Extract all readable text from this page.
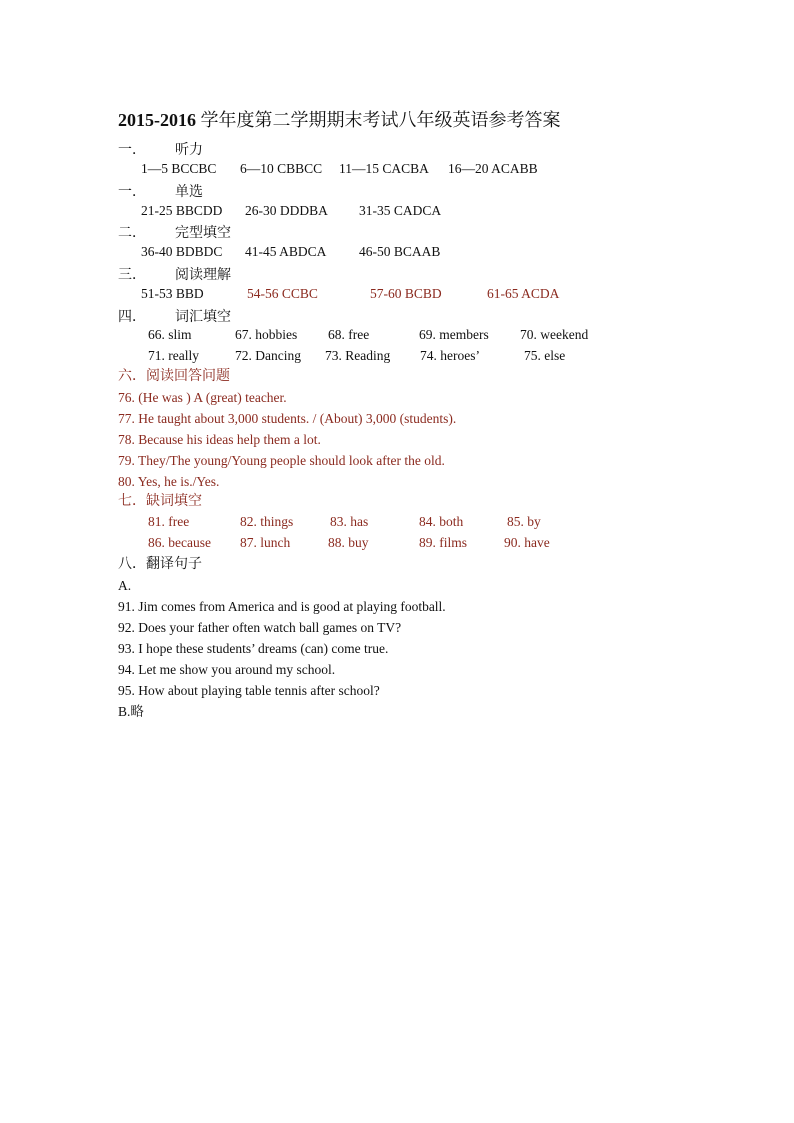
2015-2016 学年度第二学期期末考试八年级英语参考答案
一． 听力
1—5 BCCBC 6—10 CBBCC 11—15 CACBA 16—20 ACABB
一． 单选
21-25 BBCDD 26-30 DDDBA 31-35 CADCA
二． 完型填空
36-40 BDBDC 41-45 ABDCA 46-50 BCAAB
三． 阅读理解
51-53 BBD	54-56 CCBC	57-60 BCBD	61-65 ACDA
四． 词汇填空
66. slim	67. hobbies 68. free	69. members 70. weekend
71. really	72. Dancing 73. Reading 74. heroes’	75. else
六．阅读回答问题
76. (He was ) A (great) teacher.
77. He taught about 3,000 students. / (About) 3,000 (students).
78. Because his ideas help them a lot.
79. They/The young/Young people should look after the old.
80. Yes, he is./Yes.
七．缺词填空
81. free	82. things	83. has	84. both	85. by
86. because 87. lunch	88. buy	89. films	90. have
八．翻译句子
A.
91. Jim comes from America and is good at playing football.
92. Does your father often watch ball games on TV?
93. I hope these students’ dreams (can) come true.
94. Let me show you around my school.
95. How about playing table tennis after school?
B.略
